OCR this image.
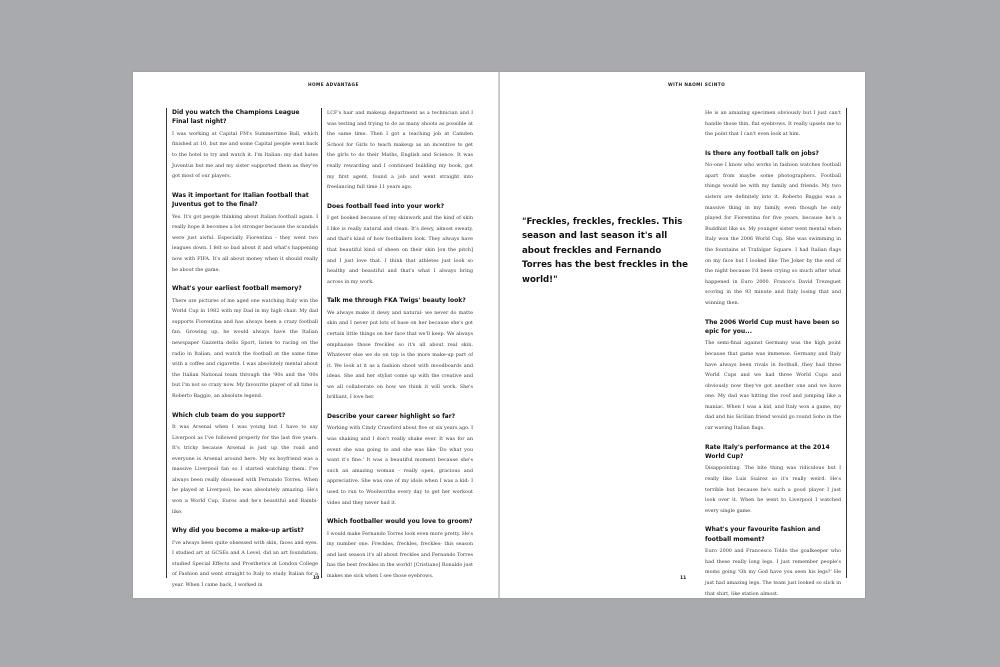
HOME ADVANTAGE

Did you watch the Champions League Final last night?

I was working at Capital FM's Summertime Ball, which finished at 10, but me and some Capital people went back to the hotel to try and watch it. I'm Italian: my dad hates Juventus but me and my sister supported them as they've got most of our players.

Was it important for Italian football that Juventus got to the final?

Yes. It's got people thinking about Italian football again. I really hope it becomes a lot stronger because the scandals were just awful. Especially Fiorentina - they went two leagues down. I felt so bad about it and what's happening now with FIFA. It's all about money when it should really be about the game.

What's your earliest football memory?

There are pictures of me aged one watching Italy win the World Cup in 1982 with my Dad in my high chair. My dad supports Fiorentina and has always been a crazy football fan. Growing up, he would always have the Italian newspaper Gazzetta dello Sport, listen to racing on the radio in Italian, and watch the football at the same time with a coffee and cigarette. I was absolutely mental about the Italian National team through the '90s and the '00s but I'm not so crazy now. My favourite player of all time is Roberto Baggio, an absolute legend.

Which club team do you support?

It was Arsenal when I was young but I have to say Liverpool as I've followed properly for the last five years. It's tricky because Arsenal is just up the road and everyone is Arsenal around here. My ex boyfriend was a massive Liverpool fan so I started watching them. I've always been really obsessed with Fernando Torres. When he played at Liverpool, he was absolutely amazing. He's won a World Cup, Euros and he's beautiful and Bambi-like.

Why did you become a make-up artist?

I've always been quite obsessed with skin, faces and eyes. I studied art at GCSEs and A Level, did an art foundation, studied Special Effects and Prosthetics at London College of Fashion and went straight to Italy to study Italian for a year. When I came back, I worked in

LCF's hair and makeup department as a technician and I was testing and trying to do as many shoots as possible at the same time. Then I got a teaching job at Camden School for Girls to teach makeup as an incentive to get the girls to do their Maths, English and Science. It was really rewarding and I continued building my book, got my first agent, found a job and went straight into freelancing full time 11 years ago.

Does football feed into your work?

I get booked because of my skinwork and the kind of skin I like is really natural and clean. It's dewy, almost sweaty, and that's kind of how footballers look. They always have that beautiful kind of sheen on their skin [on the pitch] and I just love that. I think that athletes just look so healthy and beautiful and that's what I always bring across in my work.

Talk me through FKA Twigs' beauty look?

We always make it dewy and natural- we never do matte skin and I never put lots of base on her because she's got certain little things on her face that we'll keep. We always emphasise those freckles so it's all about real skin. Whatever else we do on top is the more make-up part of it. We look at it as a fashion shoot with moodboards and ideas. She and her stylist come up with the creative and we all collaborate on how we think it will work. She's brilliant, I love her.

Describe your career highlight so far?

Working with Cindy Crawford about five or six years ago. I was shaking and I don't really shake ever. It was for an event she was going to and she was like 'Do what you want it's fine.' It was a beautiful moment because she's such an amazing woman - really open, gracious and appreciative. She was one of my idols when I was a kid: I used to run to Woolworths every day to get her workout video and they never had it.

Which footballer would you love to groom?

I would make Fernando Torres look even more pretty. He's my number one. Freckles, freckles, freckles- this season and last season it's all about freckles and Fernando Torres has the best freckles in the world! [Cristiano] Ronaldo just makes me sick when I see those eyebrows.

10
WITH NAOMI SCINTO

"Freckles, freckles, freckles. This season and last season it's all about freckles and Fernando Torres has the best freckles in the world!"

He is an amazing specimen obviously but I just can't handle those thin, flat eyebrows. It really upsets me to the point that I can't even look at him.

Is there any football talk on jobs?

No-one I know who works in fashion watches football apart from maybe some photographers. Football things would be with my family and friends. My two sisters are definitely into it. Roberto Baggio was a massive thing in my family, even though he only played for Fiorentina for five years, because he's a Buddhist like us. My younger sister went mental when Italy won the 2006 World Cup. She was swimming in the fountains at Trafalgar Square. I had Italian flags on my face but I looked like The Joker by the end of the night because I'd been crying so much after what happened in Euro 2000. France's David Trezeguet scoring in the 93 minute and Italy losing that and winning then.

The 2006 World Cup must have been so epic for you...

The semi-final against Germany was the high point because that game was immense. Germany and Italy have always been rivals in football, they had three World Cups and we had three World Cups and obviously now they've got another one and we have one. My dad was hitting the roof and jumping like a maniac. When I was a kid, and Italy won a game, my dad and his Sicilian friend would go round Soho in the car waving Italian flags.

Rate Italy's performance at the 2014 World Cup?

Disappointing. The bite thing was ridiculous but I really like Luis Suárez so it's really weird. He's terrible but because he's such a good player I just look over it. When he went to Liverpool I watched every single game.

What's your favourite fashion and football moment?

Euro 2000 and Francesco Toldo the goalkeeper who had these really long legs. I just remember people's moms going 'Oh my God have you seen his legs?' He just had amazing legs. The team just looked so slick in that shirt, like station almost.

11
